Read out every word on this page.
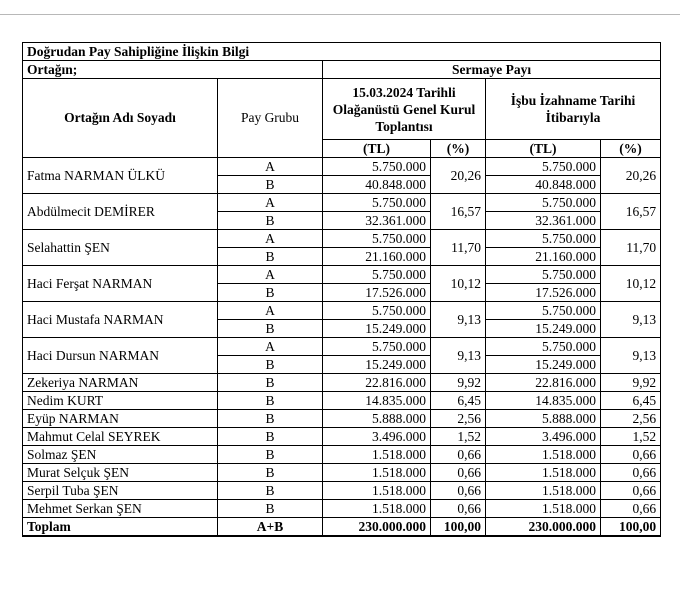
Doğrudan Pay Sahipliğine İlişkin Bilgi					
Ortağın;		Sermaye Payı			
Ortağın Adı Soyadı	Pay Grubu	15.03.2024 Tarihli Olağanüstü Genel Kurul Toplantısı		İşbu İzahname Tarihi İtibarıyla	
		(TL)	(%)	(TL)	(%)
Fatma NARMAN ÜLKÜ	A	5.750.000	20,26	5.750.000	20,26
	B	40.848.000		40.848.000	
Abdülmecit DEMİRER	A	5.750.000	16,57	5.750.000	16,57
	B	32.361.000		32.361.000	
Selahattin ŞEN	A	5.750.000	11,70	5.750.000	11,70
	B	21.160.000		21.160.000	
Haci Ferşat NARMAN	A	5.750.000	10,12	5.750.000	10,12
	B	17.526.000		17.526.000	
Haci Mustafa NARMAN	A	5.750.000	9,13	5.750.000	9,13
	B	15.249.000		15.249.000	
Haci Dursun NARMAN	A	5.750.000	9,13	5.750.000	9,13
	B	15.249.000		15.249.000	
Zekeriya NARMAN	B	22.816.000	9,92	22.816.000	9,92
Nedim KURT	B	14.835.000	6,45	14.835.000	6,45
Eyüp NARMAN	B	5.888.000	2,56	5.888.000	2,56
Mahmut Celal SEYREK	B	3.496.000	1,52	3.496.000	1,52
Solmaz ŞEN	B	1.518.000	0,66	1.518.000	0,66
Murat Selçuk ŞEN	B	1.518.000	0,66	1.518.000	0,66
Serpil Tuba ŞEN	B	1.518.000	0,66	1.518.000	0,66
Mehmet Serkan ŞEN	B	1.518.000	0,66	1.518.000	0,66
Toplam	A+B	230.000.000	100,00	230.000.000	100,00
